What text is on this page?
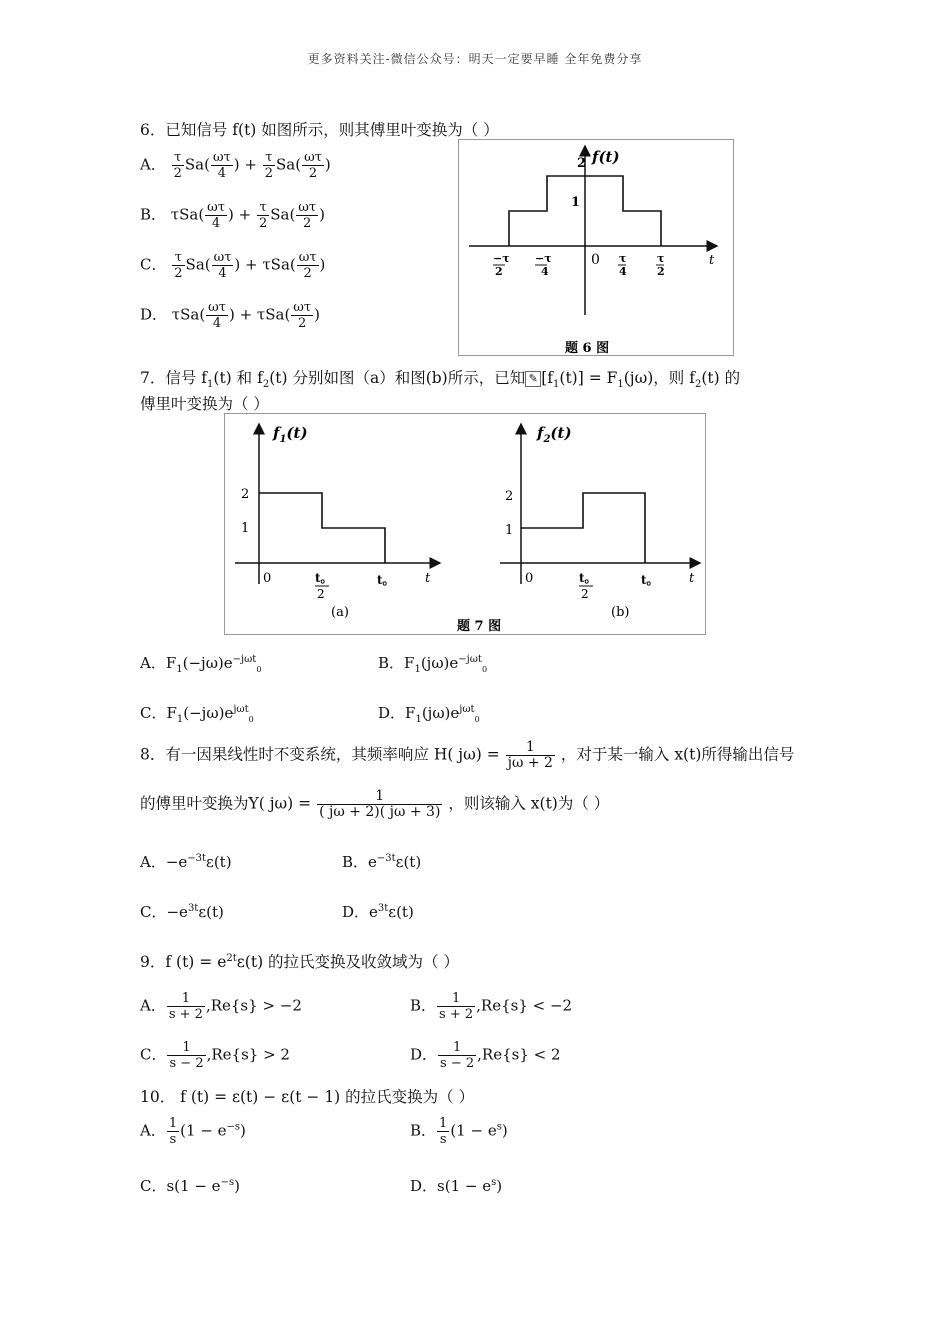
更多资料关注-微信公众号：明天一定要早睡 全年免费分享
6．已知信号 f(t) 如图所示，则其傅里叶变换为（ ）
A． $\frac{\tau}{2} Sa( \frac{\omega\tau}{4}$ ) + $\frac{\tau}{2} Sa( \frac{\omega\tau}{2}$ )
B． $\tau Sa( \frac{\omega\tau}{4}$ ) + $\frac{\tau}{2} Sa( \frac{\omega\tau}{2}$ )
C． $\frac{\tau}{2} Sa( \frac{\omega\tau}{4}$ ) + $\tau Sa( \frac{\omega\tau}{2}$ )
D． $\tau Sa( \frac{\omega\tau}{4}$ ) + $\tau Sa( \frac{\omega\tau}{2}$ )
f(t)
2
1
0	t
−τ
2
−τ
4
τ
4
τ
2
题 6 图
7．信号 $f_1(t)$ 和 $f_2(t)$ 分别如图（a）和图(b)所示，已知 ✎ $[f_1(t)] = F_1(j\omega)$，则 $f_2(t)$ 的
傅里叶变换为（ ）
$f_1(t)$
2
1
0	t。
2
t。 t
(a)
$f_2(t)$
2
1
0	t。
2
t。 t
(b)
题 7 图
A．$F_1(-j\omega)e^{-j\omega t}_0$	B．$F_1(j\omega)e^{-j\omega t}_0$
C．$F_1(-j\omega)e^{j\omega t}_0$	D．$F_1(j\omega)e^{j\omega t}_0$
8．有一因果线性时不变系统，其频率响应 H( $j\omega) = \frac{1}{j\omega + 2}$ ，对于某一输入 x(t)所得输出信号
的傅里叶变换为Y( $j\omega) = \frac{1}{( j\omega + 2)( j\omega + 3)}$ ，则该输入 x(t)为（ ）
A．$-e^{-3t}\varepsilon(t)$	B．$e^{-3t}\varepsilon(t)$
C．$-e^{3t}\varepsilon(t)$	D．$e^{3t}\varepsilon(t)$
9．f $(t) = e^{2t}\varepsilon(t)$ 的拉氏变换及收敛域为（ ）
A． $\frac{1}{s + 2} ,Re\{s\} > -2$	B． $\frac{1}{s + 2} ,Re\{s\} < -2$
C． $\frac{1}{s - 2} ,Re\{s\} > 2$	D． $\frac{1}{s - 2} ,Re\{s\} < 2$
10． f (t) = ε(t) − ε(t − 1) 的拉氏变换为（ ）
A． $\frac{1}{s} (1 - e^{-s})$	B． $\frac{1}{s} (1 - e^s)$
C．$s(1 - e^{-s})$	D．$s(1 - e^s)$
